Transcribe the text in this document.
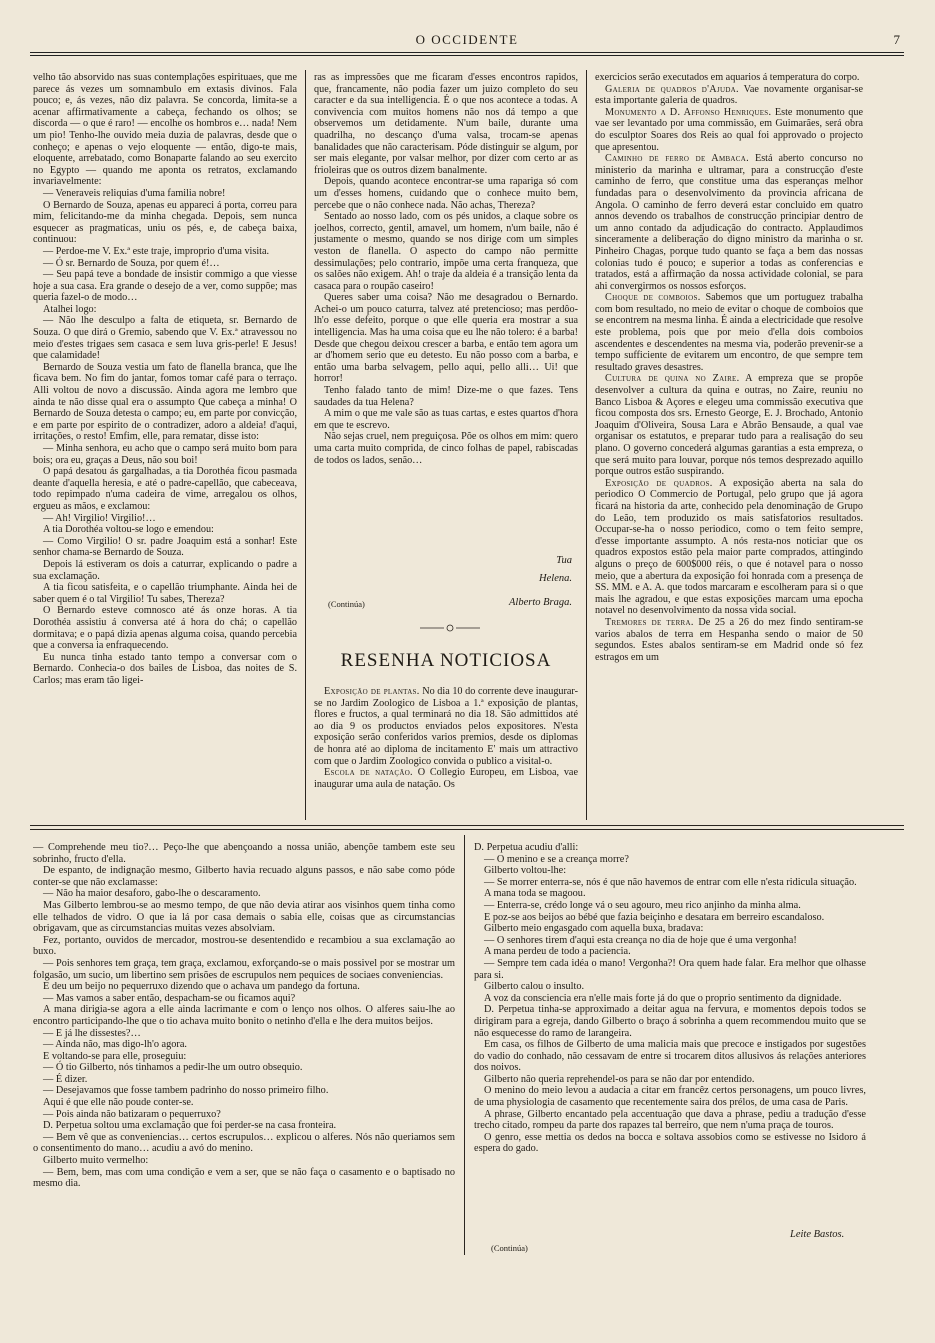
O OCCIDENTE	7

velho tão absorvido nas suas contemplações espirituaes, que me parece ás vezes um somnambulo em extasis divinos. Fala pouco; e, ás vezes, não diz palavra. Se concorda, limita-se a acenar affirmativamente a cabeça, fechando os olhos; se discorda — o que é raro! — encolhe os hombros e… nada! Nem um pio! Tenho-lhe ouvido meia duzia de palavras, desde que o conheço; e apenas o vejo eloquente — então, digo-te mais, eloquente, arrebatado, como Bonaparte falando ao seu exercito no Egypto — quando me aponta os retratos, exclamando invariavelmente:

— Veneraveis reliquias d'uma familia nobre!

O Bernardo de Souza, apenas eu appareci á porta, correu para mim, felicitando-me da minha chegada. Depois, sem nunca esquecer as pragmaticas, uniu os pés, e, de cabeça baixa, continuou:

— Perdoe-me V. Ex.ª este traje, improprio d'uma visita.

— Ó sr. Bernardo de Souza, por quem é!…

— Seu papá teve a bondade de insistir commigo a que viesse hoje a sua casa. Era grande o desejo de a ver, como suppõe; mas queria fazel-o de modo…

Atalhei logo:

— Não lhe desculpo a falta de etiqueta, sr. Bernardo de Souza. O que dirá o Gremio, sabendo que V. Ex.ª atravessou no meio d'estes trigaes sem casaca e sem luva gris-perle! E Jesus! que calamidade!

Bernardo de Souza vestia um fato de flanella branca, que lhe ficava bem. No fim do jantar, fomos tomar café para o terraço. Alli voltou de novo a discussão. Ainda agora me lembro que ainda te não disse qual era o assumpto Que cabeça a minha! O Bernardo de Souza detesta o campo; eu, em parte por convicção, e em parte por espirito de o contradizer, adoro a aldeia! d'aqui, irritações, o resto! Emfim, elle, para rematar, disse isto:

— Minha senhora, eu acho que o campo será muito bom para bois; ora eu, graças a Deus, não sou boi!

O papá desatou ás gargalhadas, a tia Dorothéa ficou pasmada deante d'aquella heresia, e até o padre-capellão, que cabeceava, todo repimpado n'uma cadeira de vime, arregalou os olhos, ergueu as mãos, e exclamou:

— Ah! Virgilio! Virgilio!…

A tia Dorothéa voltou-se logo e emendou:

— Como Virgilio! O sr. padre Joaquim está a sonhar! Este senhor chama-se Bernardo de Souza.

Depois lá estiveram os dois a caturrar, explicando o padre a sua exclamação.

A tia ficou satisfeita, e o capellão triumphante. Ainda hei de saber quem é o tal Virgilio! Tu sabes, Thereza?

O Bernardo esteve comnosco até ás onze horas. A tia Dorothéa assistiu á conversa até á hora do chá; o capellão dormitava; e o papá dizia apenas alguma coisa, quando percebia que a conversa ia enfraquecendo.

Eu nunca tinha estado tanto tempo a conversar com o Bernardo. Conhecia-o dos bailes de Lisboa, das noites de S. Carlos; mas eram tão ligei-

ras as impressões que me ficaram d'esses encontros rapidos, que, francamente, não podia fazer um juizo completo do seu caracter e da sua intelligencia. É o que nos acontece a todas. A convivencia com muitos homens não nos dá tempo a que observemos um detidamente. N'um baile, durante uma quadrilha, no descanço d'uma valsa, trocam-se apenas banalidades que não caracterisam. Póde distinguir se algum, por ser mais elegante, por valsar melhor, por dizer com certo ar as frioleiras que os outros dizem banalmente.

Depois, quando acontece encontrar-se uma rapariga só com um d'esses homens, cuidando que o conhece muito bem, percebe que o não conhece nada. Não achas, Thereza?

Sentado ao nosso lado, com os pés unidos, a claque sobre os joelhos, correcto, gentil, amavel, um homem, n'um baile, não é justamente o mesmo, quando se nos dirige com um simples veston de flanella. O aspecto do campo não permitte dessimulações; pelo contrario, impõe uma certa franqueza, que os salões não exigem. Ah! o traje da aldeia é a transição lenta da casaca para o roupão caseiro!

Queres saber uma coisa? Não me desagradou o Bernardo. Achei-o um pouco caturra, talvez até pretencioso; mas perdôo-lh'o esse defeito, porque o que elle queria era mostrar a sua intelligencia. Mas ha uma coisa que eu lhe não tolero: é a barba! Desde que chegou deixou crescer a barba, e então tem agora um ar d'homem serio que eu detesto. Eu não posso com a barba, e então uma barba selvagem, pello aqui, pello alli… Ui! que horror!

Tenho falado tanto de mim! Dize-me o que fazes. Tens saudades da tua Helena?

A mim o que me vale são as tuas cartas, e estes quartos d'hora em que te escrevo.

Não sejas cruel, nem preguiçosa. Põe os olhos em mim: quero uma carta muito comprida, de cinco folhas de papel, rabiscadas de todos os lados, senão…

Tua
Helena.
(Continúa)	Alberto Braga.
RESENHA NOTICIOSA

Exposição de plantas. No dia 10 do corrente deve inaugurar-se no Jardim Zoologico de Lisboa a 1.ª exposição de plantas, flores e fructos, a qual terminará no dia 18. São admittidos até ao dia 9 os productos enviados pelos expositores. N'esta exposição serão conferidos varios premios, desde os diplomas de honra até ao diploma de incitamento E' mais um attractivo com que o Jardim Zoologico convida o publico a visital-o.

Escola de natação. O Collegio Europeu, em Lisboa, vae inaugurar uma aula de natação. Os

exercicios serão executados em aquarios á temperatura do corpo.

Galeria de quadros d'Ajuda. Vae novamente organisar-se esta importante galeria de quadros.

Monumento a D. Affonso Henriques. Este monumento que vae ser levantado por uma commissão, em Guimarães, será obra do esculptor Soares dos Reis ao qual foi approvado o projecto que apresentou.

Caminho de ferro de Ambaca. Está aberto concurso no ministerio da marinha e ultramar, para a construcção d'este caminho de ferro, que constitue uma das esperanças melhor fundadas para o desenvolvimento da provincia africana de Angola. O caminho de ferro deverá estar concluido em quatro annos devendo os trabalhos de construcção principiar dentro de um anno contado da adjudicação do contracto. Applaudimos sinceramente a deliberação do digno ministro da marinha o sr. Pinheiro Chagas, porque tudo quanto se faça a bem das nossas colonias tudo é pouco; e superior a todas as conferencias e tratados, está a affirmação da nossa actividade colonial, se para ahi convergirmos os nossos esforços.

Choque de comboios. Sabemos que um portuguez trabalha com bom resultado, no meio de evitar o choque de comboios que se encontrem na mesma linha. É ainda a electricidade que resolve este problema, pois que por meio d'ella dois comboios ascendentes e descendentes na mesma via, poderão prevenir-se a tempo sufficiente de evitarem um encontro, de que sempre tem resultado graves desastres.

Cultura de quina no Zaire. A empreza que se propõe desenvolver a cultura da quina e outras, no Zaire, reuniu no Banco Lisboa & Açores e elegeu uma commissão executiva que ficou composta dos srs. Ernesto George, E. J. Brochado, Antonio Joaquim d'Oliveira, Sousa Lara e Abrão Bensaude, a qual vae organisar os estatutos, e preparar tudo para a realisação do seu plano. O governo concederá algumas garantias a esta empreza, o que será muito para louvar, porque nós temos desprezado aquillo porque outros estão suspirando.

Exposição de quadros. A exposição aberta na sala do periodico O Commercio de Portugal, pelo grupo que já agora ficará na historia da arte, conhecido pela denominação de Grupo do Leão, tem produzido os mais satisfatorios resultados. Occupar-se-ha o nosso periodico, como o tem feito sempre, d'esse importante assumpto. A nós resta-nos noticiar que os quadros expostos estão pela maior parte comprados, attingindo alguns o preço de 600$000 réis, o que é notavel para o nosso meio, que a abertura da exposição foi honrada com a presença de SS. MM. e A. A. que todos marcaram e escolheram para si o que mais lhe agradou, e que estas exposições marcam uma epocha notavel no desenvolvimento da nossa vida social.

Tremores de terra. De 25 a 26 do mez findo sentiram-se varios abalos de terra em Hespanha sendo o maior de 50 segundos. Estes abalos sentiram-se em Madrid onde só fez estragos em um

— Comprehende meu tio?… Peço-lhe que abençoando a nossa união, abençõe tambem este seu sobrinho, fructo d'ella.

De espanto, de indignação mesmo, Gilberto havia recuado alguns passos, e não sabe como póde conter-se que não exclamasse:

— Não ha maior desaforo, gabo-lhe o descaramento.

Mas Gilberto lembrou-se ao mesmo tempo, de que não devia atirar aos visinhos quem tinha como elle telhados de vidro. O que ia lá por casa demais o sabia elle, coisas que as circumstancias obrigavam, que as circumstancias muitas vezes absolviam.

Fez, portanto, ouvidos de mercador, mostrou-se desentendido e recambiou a sua exclamação ao buxo.

— Pois senhores tem graça, tem graça, exclamou, exforçando-se o mais possivel por se mostrar um folgasão, um sucio, um libertino sem prisões de escrupulos nem pequices de sociaes conveniencias.

E deu um beijo no pequerruxo dizendo que o achava um pandego da fortuna.

— Mas vamos a saber então, despacham-se ou ficamos aqui?

A mana dirigia-se agora a elle ainda lacrimante e com o lenço nos olhos. O alferes saiu-lhe ao encontro participando-lhe que o tio achava muito bonito o netinho d'ella e lhe dera muitos beijos.

— E já lhe dissestes?…

— Ainda não, mas digo-lh'o agora.

E voltando-se para elle, proseguiu:

— Ó tio Gilberto, nós tinhamos a pedir-lhe um outro obsequio.

— É dizer.

— Desejavamos que fosse tambem padrinho do nosso primeiro filho.

Aqui é que elle não poude conter-se.

— Pois ainda não batizaram o pequerruxo?

D. Perpetua soltou uma exclamação que foi perder-se na casa fronteira.

— Bem vê que as conveniencias… certos escrupulos… explicou o alferes. Nós não queriamos sem o consentimento do mano… acudiu a avó do menino.

Gilberto muito vermelho:

— Bem, bem, mas com uma condição e vem a ser, que se não faça o casamento e o baptisado no mesmo dia.

D. Perpetua acudiu d'alli:

— O menino e se a creança morre?

Gilberto voltou-lhe:

— Se morrer enterra-se, nós é que não havemos de entrar com elle n'esta ridicula situação.

A mana toda se magoou.

— Enterra-se, crédo longe vá o seu agouro, meu rico anjinho da minha alma.

E poz-se aos beijos ao bébé que fazia beiçinho e desatara em berreiro escandaloso.

Gilberto meio engasgado com aquella buxa, bradava:

— O senhores tirem d'aqui esta creança no dia de hoje que é uma vergonha!

A mana perdeu de todo a paciencia.

— Sempre tem cada idéa o mano! Vergonha?! Ora quem hade falar. Era melhor que olhasse para si.

Gilberto calou o insulto.

A voz da consciencia era n'elle mais forte já do que o proprio sentimento da dignidade.

D. Perpetua tinha-se approximado a deitar agua na fervura, e momentos depois todos se dirigiram para a egreja, dando Gilberto o braço á sobrinha a quem recommendou muito que se não esquecesse do ramo de larangeira.

Em casa, os filhos de Gilberto de uma malicia mais que precoce e instigados por sugestões do vadio do conhado, não cessavam de entre si trocarem ditos allusivos ás relações anteriores dos noivos.

Gilberto não queria reprehendel-os para se não dar por entendido.

O menino do meio levou a audacia a citar em francêz certos personagens, um pouco livres, de uma physiologia de casamento que recentemente saira dos prélos, de uma casa de Paris.

A phrase, Gilberto encantado pela accentuação que dava a phrase, pediu a tradução d'esse trecho citado, rompeu da parte dos rapazes tal berreiro, que nem n'uma praça de touros.

O genro, esse mettia os dedos na bocca e soltava assobios como se estivesse no Isidoro á espera do gado.

(Continúa)
Leite Bastos.
